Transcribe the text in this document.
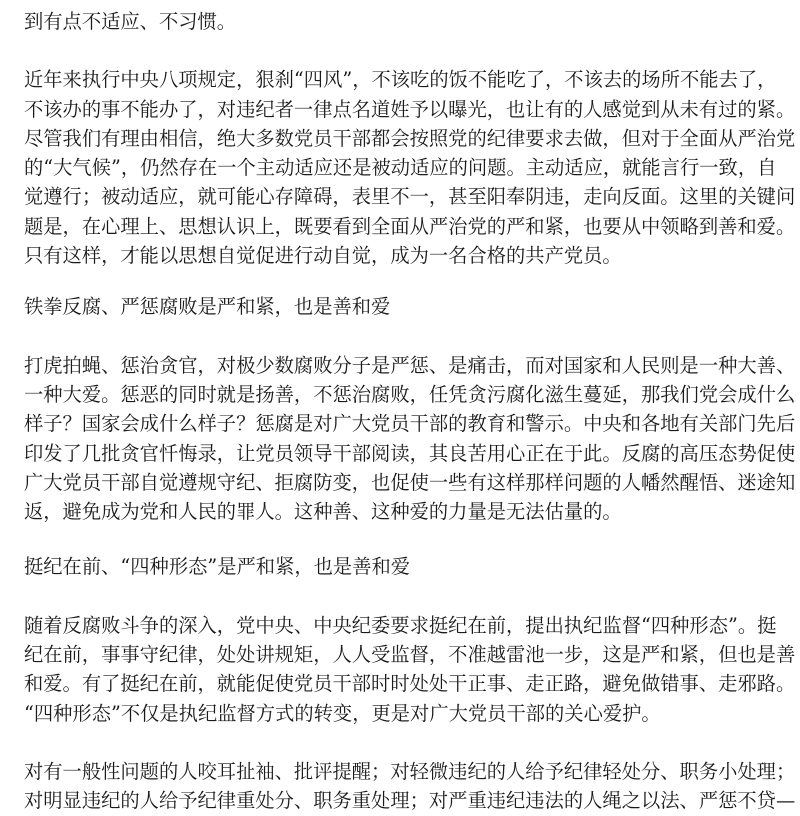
到有点不适应、不习惯。
近年来执行中央八项规定，狠刹“四风”，不该吃的饭不能吃了，不该去的场所不能去了，
不该办的事不能办了，对违纪者一律点名道姓予以曝光，也让有的人感觉到从未有过的紧。
尽管我们有理由相信，绝大多数党员干部都会按照党的纪律要求去做，但对于全面从严治党
的“大气候”，仍然存在一个主动适应还是被动适应的问题。主动适应，就能言行一致，自
觉遵行；被动适应，就可能心存障碍，表里不一，甚至阳奉阴违，走向反面。这里的关键问
题是，在心理上、思想认识上，既要看到全面从严治党的严和紧，也要从中领略到善和爱。
只有这样，才能以思想自觉促进行动自觉，成为一名合格的共产党员。
铁拳反腐、严惩腐败是严和紧，也是善和爱
打虎拍蝇、惩治贪官，对极少数腐败分子是严惩、是痛击，而对国家和人民则是一种大善、
一种大爱。惩恶的同时就是扬善，不惩治腐败，任凭贪污腐化滋生蔓延，那我们党会成什么
样子？国家会成什么样子？惩腐是对广大党员干部的教育和警示。中央和各地有关部门先后
印发了几批贪官忏悔录，让党员领导干部阅读，其良苦用心正在于此。反腐的高压态势促使
广大党员干部自觉遵规守纪、拒腐防变，也促使一些有这样那样问题的人幡然醒悟、迷途知
返，避免成为党和人民的罪人。这种善、这种爱的力量是无法估量的。
挺纪在前、“四种形态”是严和紧，也是善和爱
随着反腐败斗争的深入，党中央、中央纪委要求挺纪在前，提出执纪监督“四种形态”。挺
纪在前，事事守纪律，处处讲规矩，人人受监督，不准越雷池一步，这是严和紧，但也是善
和爱。有了挺纪在前，就能促使党员干部时时处处干正事、走正路，避免做错事、走邪路。
“四种形态”不仅是执纪监督方式的转变，更是对广大党员干部的关心爱护。
对有一般性问题的人咬耳扯袖、批评提醒；对轻微违纪的人给予纪律轻处分、职务小处理；
对明显违纪的人给予纪律重处分、职务重处理；对严重违纪违法的人绳之以法、严惩不贷—
